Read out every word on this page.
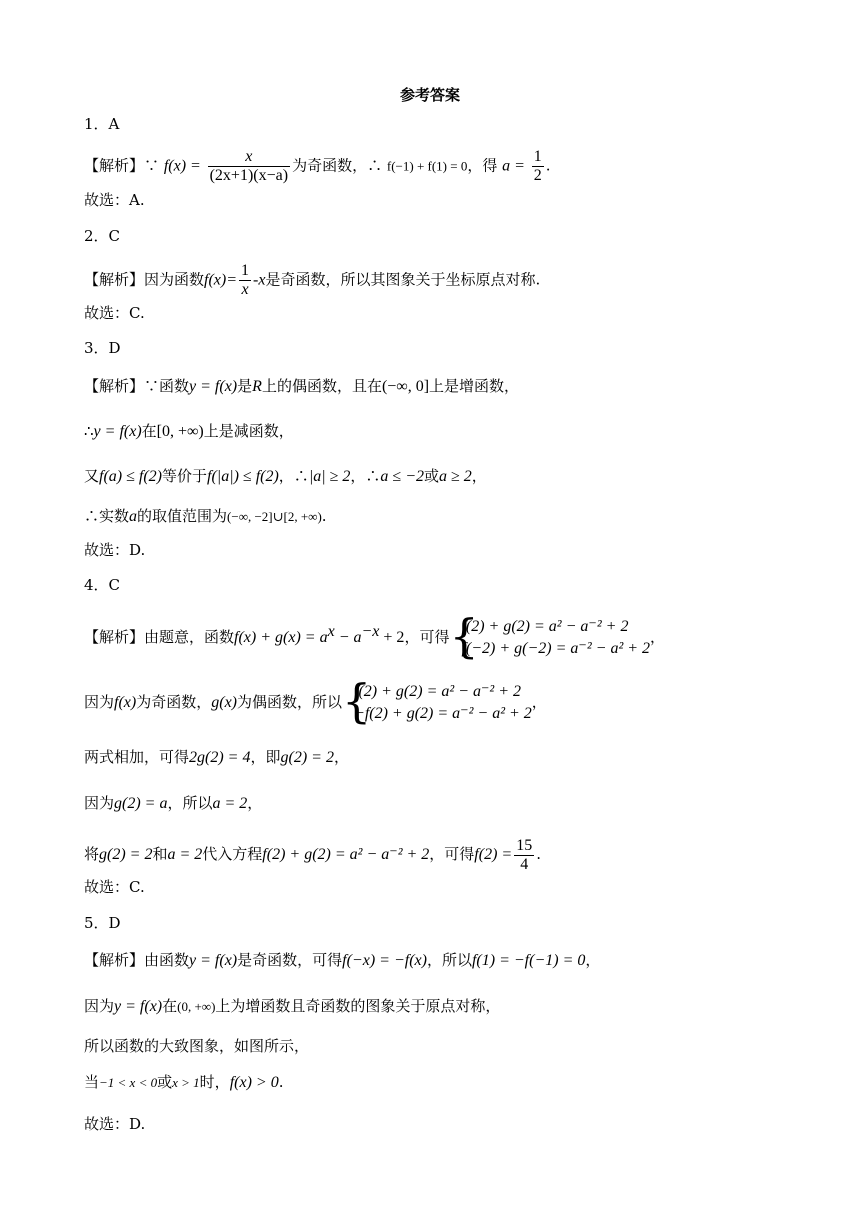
参考答案
1．A
【解析】∵ $f(x) = \frac{x}{(2x+1)(x-a)}$ 为奇函数，∴ f(−1) + f(1) = 0，得 $a = \frac{1}{2}$ .
故选：A.
2．C
【解析】因为函数$f(x)= \frac{1}{x} -x$是奇函数，所以其图象关于坐标原点对称.
故选：C.
3．D
【解析】∵函数y = f(x)是R上的偶函数，且在(−∞, 0]上是增函数，
∴y = f(x)在[0, +∞)上是减函数，
又f(a) ≤ f(2)等价于f(|a|) ≤ f(2)，∴|a| ≥ 2，∴a ≤ −2或a ≥ 2，
∴实数a的取值范围为(−∞, −2]∪[2, +∞).
故选：D.
4．C
【解析】由题意，函数$f(x) + g(x) = a^x - a^{-x} + 2$，可得 {
f(2) + g(2) = a² − a⁻² + 2
f(−2) + g(−2) = a⁻² − a² + 2
，
因为f(x)为奇函数，g(x)为偶函数，所以 {
f(2) + g(2) = a² − a⁻² + 2
−f(2) + g(2) = a⁻² − a² + 2
，
两式相加，可得2g(2) = 4，即g(2) = 2，
因为g(2) = a，所以a = 2，
将g(2) = 2和a = 2代入方程f(2) + g(2) = a² − a⁻² + 2，可得$f(2) = \frac{15}{4}$ .
故选：C.
5．D
【解析】由函数y = f(x)是奇函数，可得f(−x) = −f(x)，所以f(1) = −f(−1) = 0，
因为y = f(x)在(0, +∞)上为增函数且奇函数的图象关于原点对称，
所以函数的大致图象，如图所示，
当−1 < x < 0或x > 1时，f(x) > 0.
故选：D.
